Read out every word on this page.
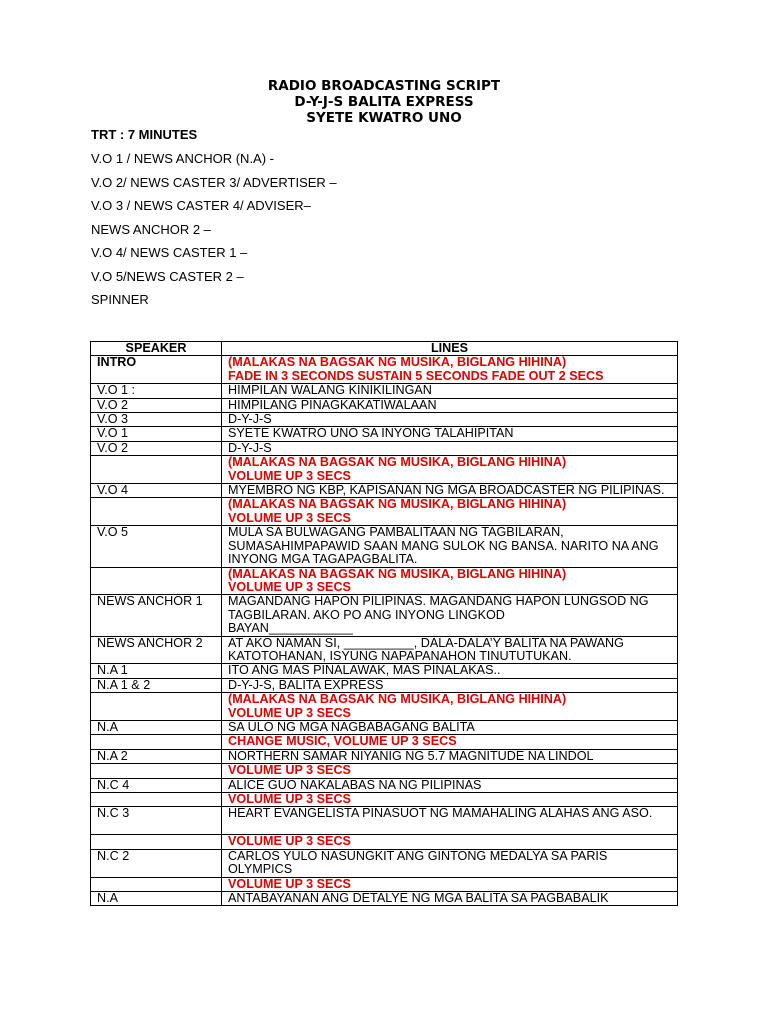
RADIO BROADCASTING SCRIPT
D-Y-J-S BALITA EXPRESS
SYETE KWATRO UNO
TRT : 7 MINUTES
V.O 1 / NEWS ANCHOR (N.A) -
V.O 2/ NEWS CASTER 3/ ADVERTISER –
V.O 3 / NEWS CASTER 4/ ADVISER–
NEWS ANCHOR 2 –
V.O 4/ NEWS CASTER 1 –
V.O 5/NEWS CASTER 2 –
SPINNER
SPEAKER	LINES
INTRO	(MALAKAS NA BAGSAK NG MUSIKA, BIGLANG HIHINA)
FADE IN 3 SECONDS SUSTAIN 5 SECONDS FADE OUT 2 SECS

V.O 1 :	HIMPILAN WALANG KINIKILINGAN

V.O 2	HIMPILANG PINAGKAKATIWALAAN

V.O 3	D-Y-J-S

V.O 1	SYETE KWATRO UNO SA INYONG TALAHIPITAN

V.O 2	D-Y-J-S

	(MALAKAS NA BAGSAK NG MUSIKA, BIGLANG HIHINA)
VOLUME UP 3 SECS

V.O 4	MYEMBRO NG KBP, KAPISANAN NG MGA BROADCASTER NG PILIPINAS.

	(MALAKAS NA BAGSAK NG MUSIKA, BIGLANG HIHINA)
VOLUME UP 3 SECS

V.O 5	MULA SA BULWAGANG PAMBALITAAN NG TAGBILARAN, SUMASAHIMPAPAWID SAAN MANG SULOK NG BANSA. NARITO NA ANG INYONG MGA TAGAPAGBALITA.

	(MALAKAS NA BAGSAK NG MUSIKA, BIGLANG HIHINA)
VOLUME UP 3 SECS

NEWS ANCHOR 1	MAGANDANG HAPON PILIPINAS. MAGANDANG HAPON LUNGSOD NG TAGBILARAN. AKO PO ANG INYONG LINGKOD
BAYAN____________

NEWS ANCHOR 2	AT AKO NAMAN SI, __________, DALA-DALA’Y BALITA NA PAWANG KATOTOHANAN, ISYUNG NAPAPANAHON TINUTUTUKAN.

N.A 1	ITO ANG MAS PINALAWAK, MAS PINALAKAS..

N.A 1 & 2	D-Y-J-S, BALITA EXPRESS

	(MALAKAS NA BAGSAK NG MUSIKA, BIGLANG HIHINA)
VOLUME UP 3 SECS

N.A	SA ULO NG MGA NAGBABAGANG BALITA

	CHANGE MUSIC, VOLUME UP 3 SECS

N.A 2	NORTHERN SAMAR NIYANIG NG 5.7 MAGNITUDE NA LINDOL

	VOLUME UP 3 SECS

N.C 4	ALICE GUO NAKALABAS NA NG PILIPINAS

	VOLUME UP 3 SECS

N.C 3	HEART EVANGELISTA PINASUOT NG MAMAHALING ALAHAS ANG ASO.

	VOLUME UP 3 SECS

N.C 2	CARLOS YULO NASUNGKIT ANG GINTONG MEDALYA SA PARIS OLYMPICS

	VOLUME UP 3 SECS

N.A	ANTABAYANAN ANG DETALYE NG MGA BALITA SA PAGBABALIK
